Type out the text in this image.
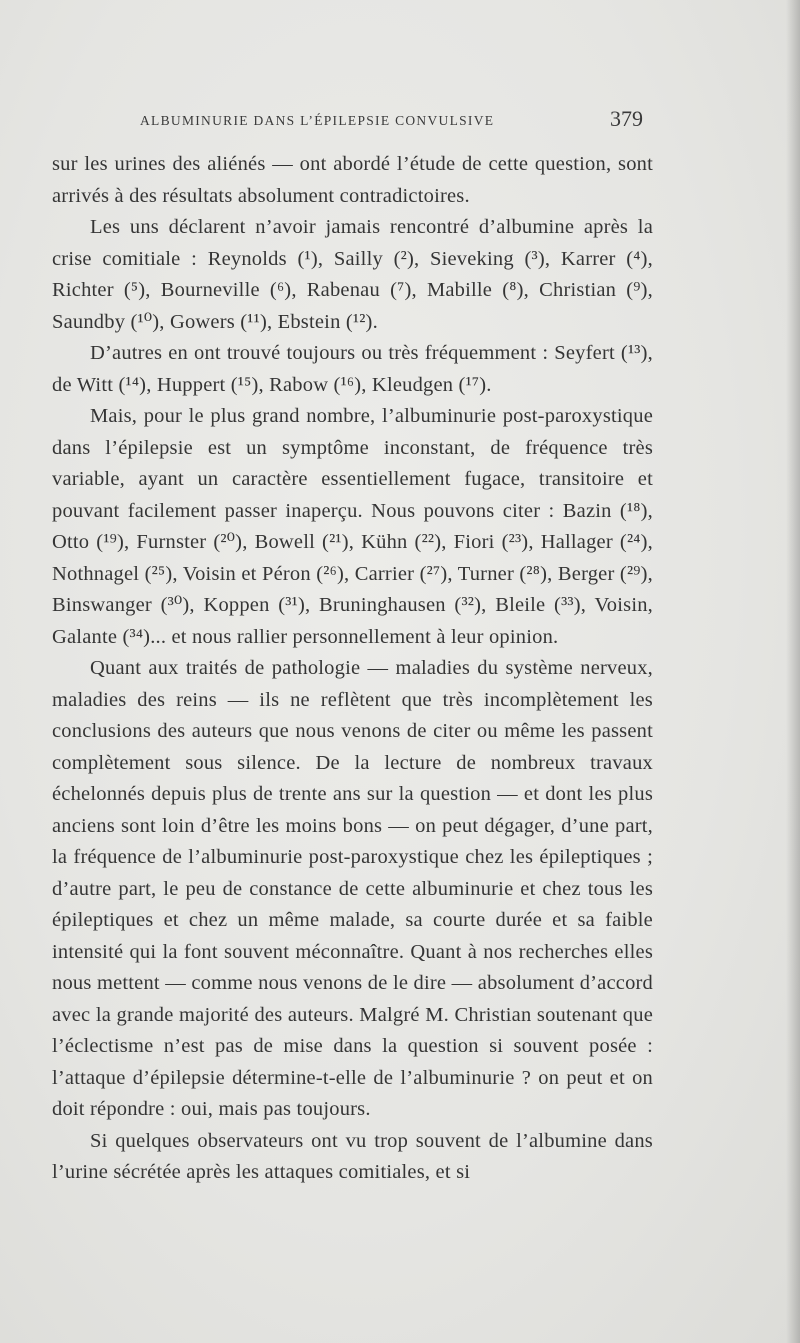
ALBUMINURIE DANS L’ÉPILEPSIE CONVULSIVE	379

sur les urines des aliénés — ont abordé l’étude de cette question, sont arrivés à des résultats absolument contradictoires.

Les uns déclarent n’avoir jamais rencontré d’albumine après la crise comitiale : Reynolds (¹), Sailly (²), Sieveking (³), Karrer (⁴), Richter (⁵), Bourneville (⁶), Rabenau (⁷), Mabille (⁸), Christian (⁹), Saundby (¹⁰), Gowers (¹¹), Ebstein (¹²).

D’autres en ont trouvé toujours ou très fréquemment : Seyfert (¹³), de Witt (¹⁴), Huppert (¹⁵), Rabow (¹⁶), Kleudgen (¹⁷).

Mais, pour le plus grand nombre, l’albuminurie post-paroxystique dans l’épilepsie est un symptôme inconstant, de fréquence très variable, ayant un caractère essentiellement fugace, transitoire et pouvant facilement passer inaperçu. Nous pouvons citer : Bazin (¹⁸), Otto (¹⁹), Furnster (²⁰), Bowell (²¹), Kühn (²²), Fiori (²³), Hallager (²⁴), Nothnagel (²⁵), Voisin et Péron (²⁶), Carrier (²⁷), Turner (²⁸), Berger (²⁹), Binswanger (³⁰), Koppen (³¹), Bruninghausen (³²), Bleile (³³), Voisin, Galante (³⁴)... et nous rallier personnellement à leur opinion.

Quant aux traités de pathologie — maladies du système nerveux, maladies des reins — ils ne reflètent que très incomplètement les conclusions des auteurs que nous venons de citer ou même les passent complètement sous silence. De la lecture de nombreux travaux échelonnés depuis plus de trente ans sur la question — et dont les plus anciens sont loin d’être les moins bons — on peut dégager, d’une part, la fréquence de l’albuminurie post-paroxystique chez les épileptiques ; d’autre part, le peu de constance de cette albuminurie et chez tous les épileptiques et chez un même malade, sa courte durée et sa faible intensité qui la font souvent méconnaître. Quant à nos recherches elles nous mettent — comme nous venons de le dire — absolument d’accord avec la grande majorité des auteurs. Malgré M. Christian soutenant que l’éclectisme n’est pas de mise dans la question si souvent posée : l’attaque d’épilepsie détermine-t-elle de l’albuminurie ? on peut et on doit répondre : oui, mais pas toujours.

Si quelques observateurs ont vu trop souvent de l’albumine dans l’urine sécrétée après les attaques comitiales, et si
